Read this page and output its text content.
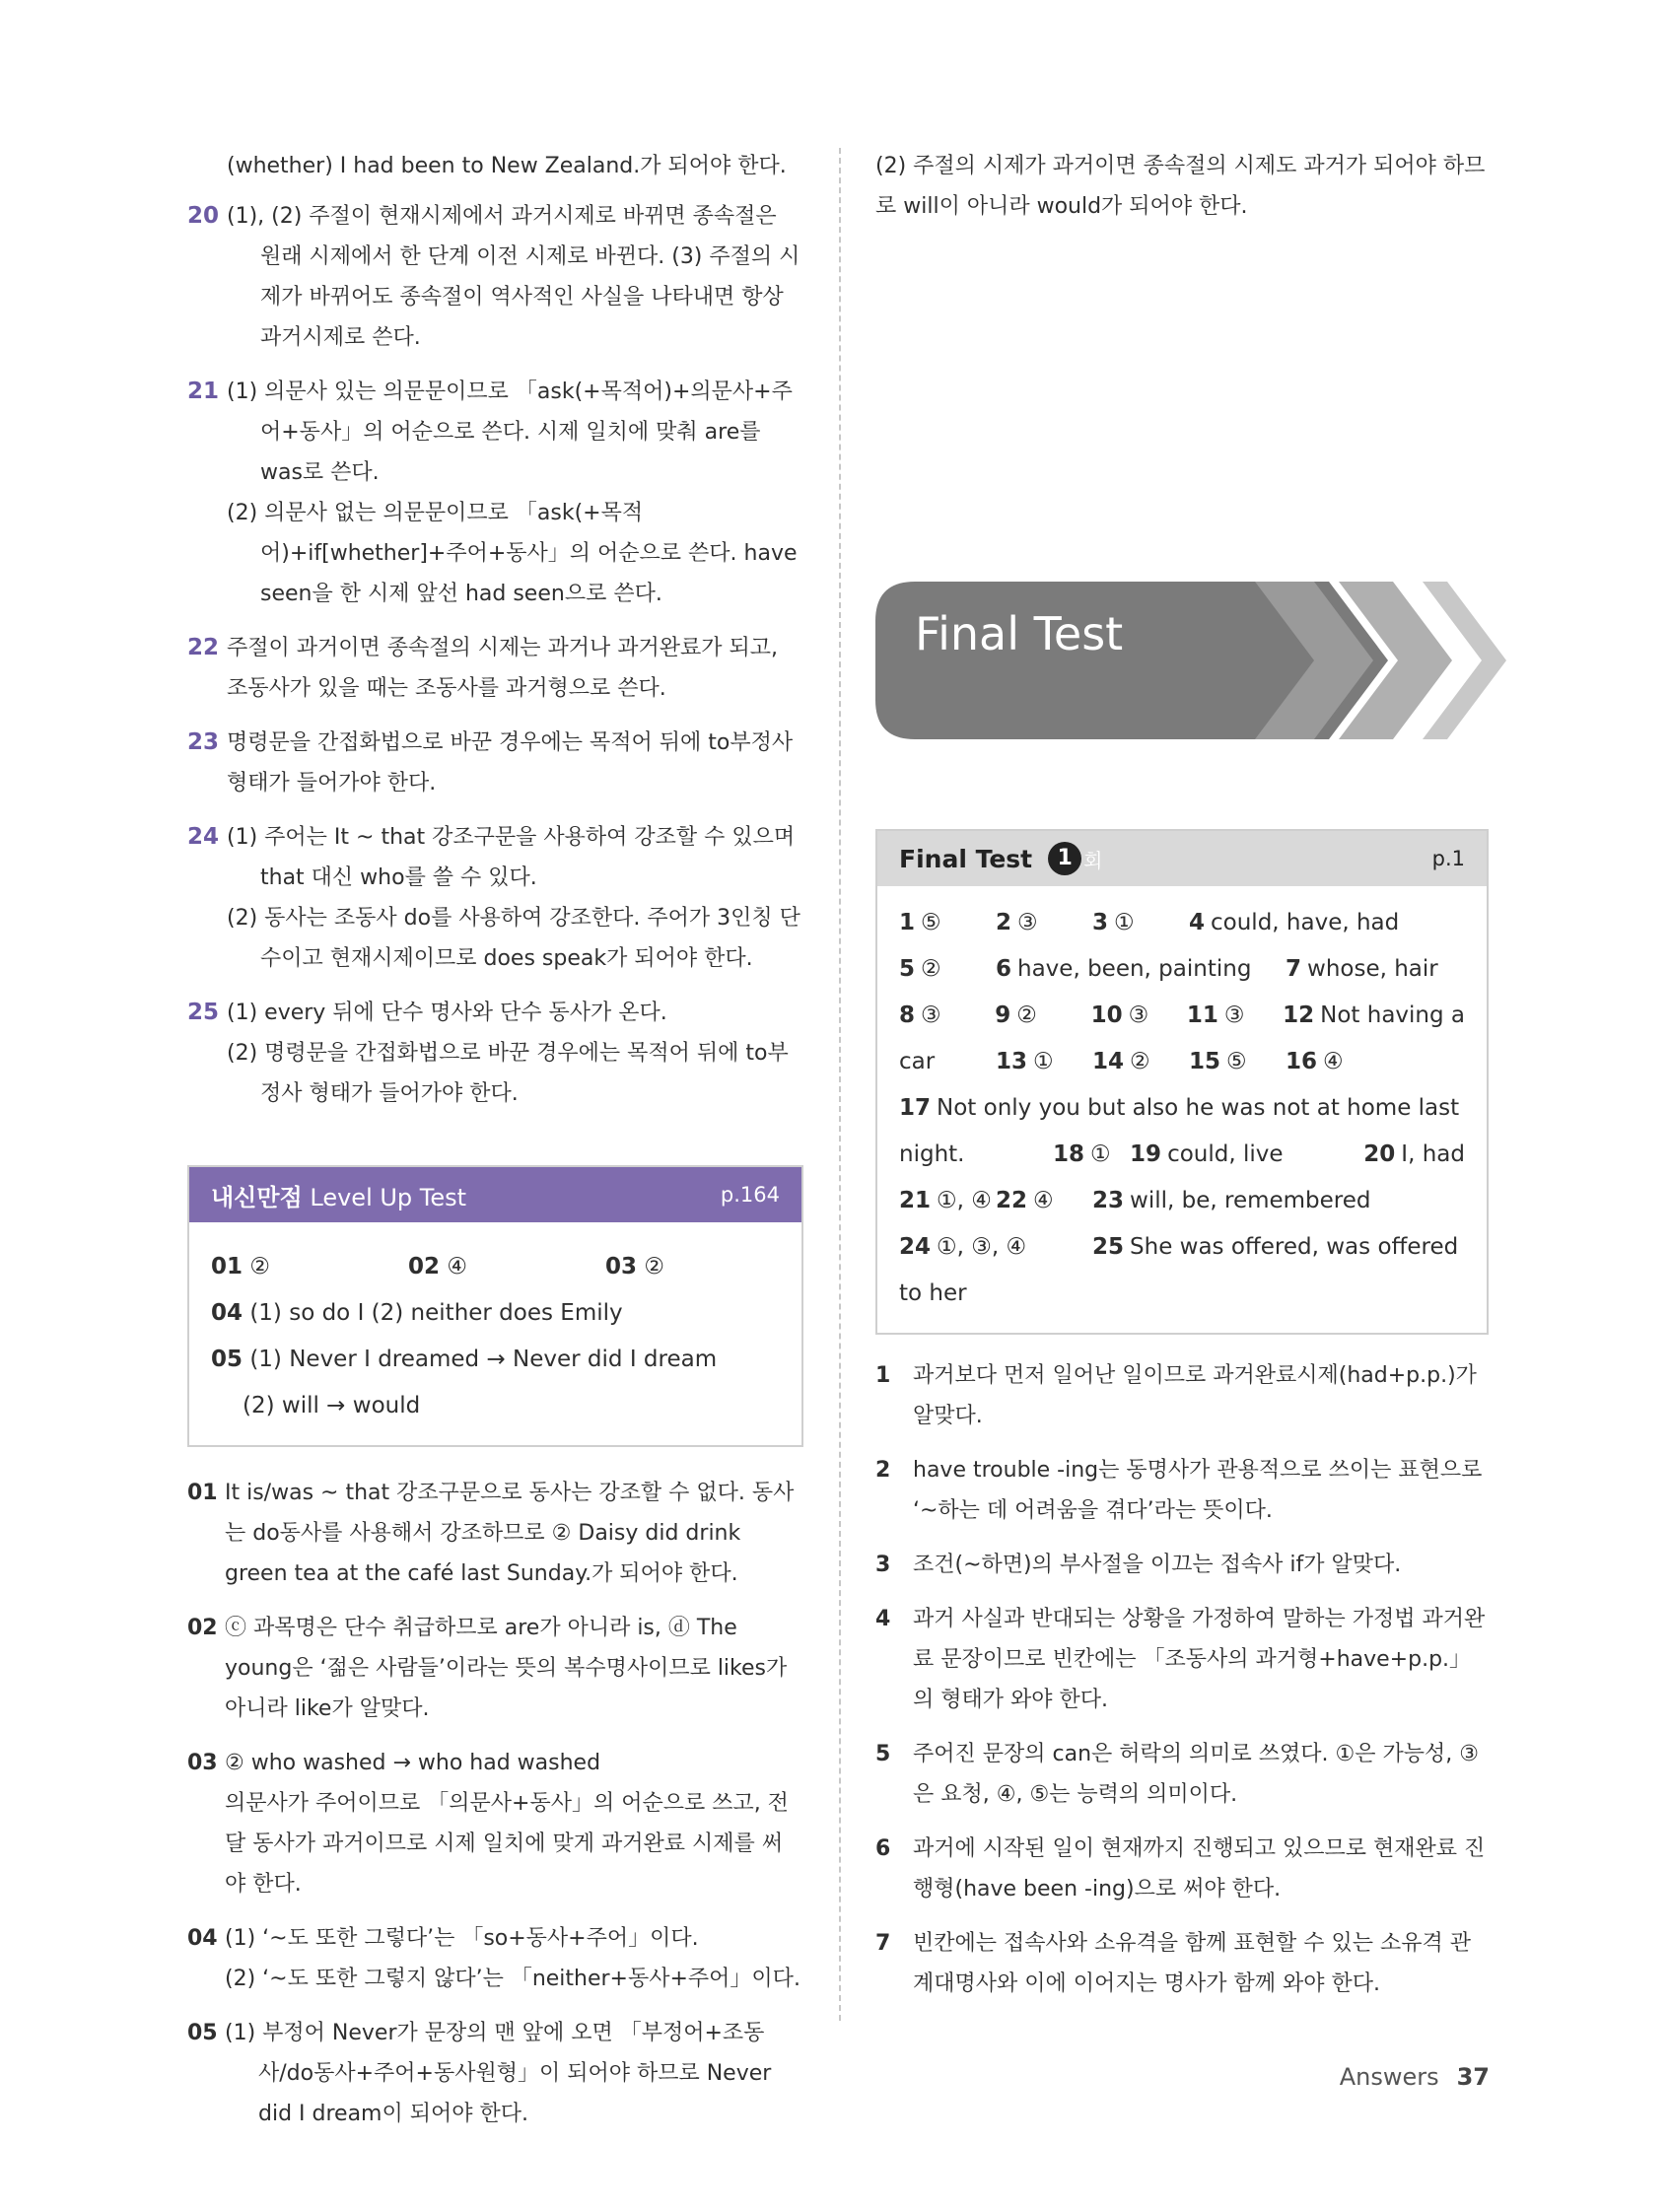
(whether) I had been to New Zealand.가 되어야 한다.

20 (1), (2) 주절이 현재시제에서 과거시제로 바뀌면 종속절은 원래 시제에서 한 단계 이전 시제로 바뀐다. (3) 주절의 시제가 바뀌어도 종속절이 역사적인 사실을 나타내면 항상 과거시제로 쓴다.

21 (1) 의문사 있는 의문문이므로 「ask(+목적어)+의문사+주어+동사」의 어순으로 쓴다. 시제 일치에 맞춰 are를 was로 쓴다.

(2) 의문사 없는 의문문이므로 「ask(+목적어)+if[whether]+주어+동사」의 어순으로 쓴다. have seen을 한 시제 앞선 had seen으로 쓴다.

22 주절이 과거이면 종속절의 시제는 과거나 과거완료가 되고, 조동사가 있을 때는 조동사를 과거형으로 쓴다.

23 명령문을 간접화법으로 바꾼 경우에는 목적어 뒤에 to부정사 형태가 들어가야 한다.

24 (1) 주어는 It ~ that 강조구문을 사용하여 강조할 수 있으며 that 대신 who를 쓸 수 있다.

(2) 동사는 조동사 do를 사용하여 강조한다. 주어가 3인칭 단수이고 현재시제이므로 does speak가 되어야 한다.

25 (1) every 뒤에 단수 명사와 단수 동사가 온다.

(2) 명령문을 간접화법으로 바꾼 경우에는 목적어 뒤에 to부정사 형태가 들어가야 한다.

내신만점 Level Up Test	p.164
01 ②	02 ④	03 ②
04
(1) so do I (2) neither does Emily
05
(1) Never I dreamed → Never did I dream
(2) will → would
01 It is/was ~ that 강조구문으로 동사는 강조할 수 없다. 동사는 do동사를 사용해서 강조하므로 ② Daisy did drink green tea at the café last Sunday.가 되어야 한다.

02 ⓒ 과목명은 단수 취급하므로 are가 아니라 is, ⓓ The young은 ‘젊은 사람들’이라는 뜻의 복수명사이므로 likes가 아니라 like가 알맞다.

03 ② who washed → who had washed

의문사가 주어이므로 「의문사+동사」의 어순으로 쓰고, 전달 동사가 과거이므로 시제 일치에 맞게 과거완료 시제를 써야 한다.

04 (1) ‘~도 또한 그렇다’는 「so+동사+주어」이다.

(2) ‘~도 또한 그렇지 않다’는 「neither+동사+주어」이다.

05 (1) 부정어 Never가 문장의 맨 앞에 오면 「부정어+조동사/do동사+주어+동사원형」이 되어야 하므로 Never did I dream이 되어야 한다.

(2) 주절의 시제가 과거이면 종속절의 시제도 과거가 되어야 하므로 will이 아니라 would가 되어야 한다.

Final Test
Final Test	1 회	p.1
1 ⑤	2 ③	3 ①	4 could, have, had
5 ②	6 have, been, painting	7 whose, hair
8 ③	9 ②	10 ③	11 ③	12 Not having a
car	13 ①	14 ②	15 ⑤	16 ④
17 Not only you but also he was not at home last
night.	18 ① 19 could, live	20 I, had
21 ①, ④ 22 ④	23 will, be, remembered
24 ①, ③, ④	25 She was offered, was offered
to her
1	과거보다 먼저 일어난 일이므로 과거완료시제(had+p.p.)가 알맞다.

2	have trouble -ing는 동명사가 관용적으로 쓰이는 표현으로 ‘~하는 데 어려움을 겪다’라는 뜻이다.

3	조건(~하면)의 부사절을 이끄는 접속사 if가 알맞다.

4	과거 사실과 반대되는 상황을 가정하여 말하는 가정법 과거완료 문장이므로 빈칸에는 「조동사의 과거형+have+p.p.」의 형태가 와야 한다.

5	주어진 문장의 can은 허락의 의미로 쓰였다. ①은 가능성, ③은 요청, ④, ⑤는 능력의 의미이다.

6	과거에 시작된 일이 현재까지 진행되고 있으므로 현재완료 진행형(have been -ing)으로 써야 한다.

7	빈칸에는 접속사와 소유격을 함께 표현할 수 있는 소유격 관계대명사와 이에 이어지는 명사가 함께 와야 한다.

Answers 37
